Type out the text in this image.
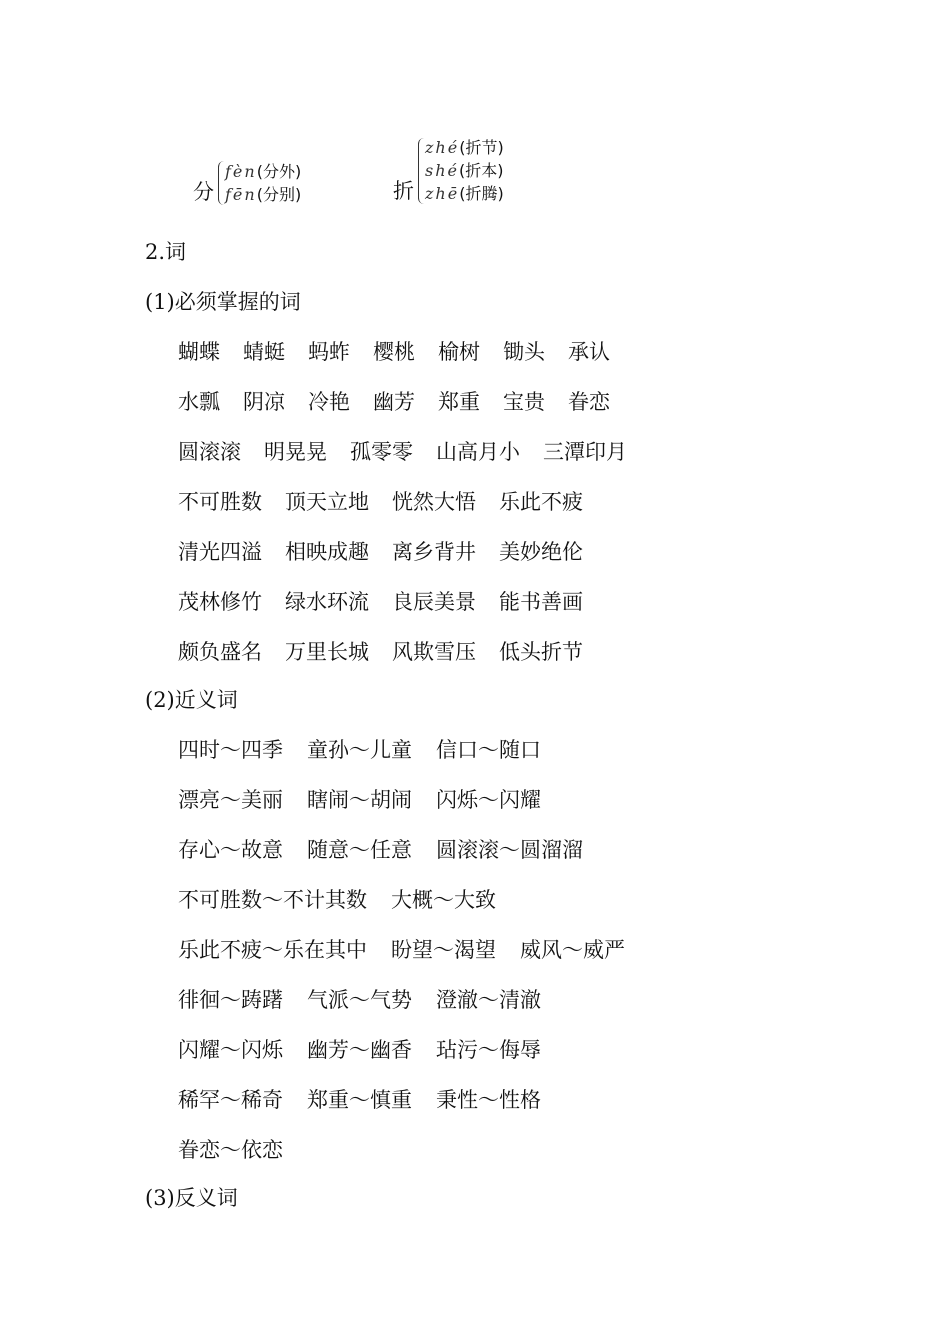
分
fèn(分外)
fēn(分别)	折
zhé(折节)
shé(折本)
zhē(折腾)
2.词
(1)必须掌握的词
蝴蝶 蜻蜓 蚂蚱 樱桃 榆树 锄头 承认
水瓢 阴凉 冷艳 幽芳 郑重 宝贵 眷恋
圆滚滚 明晃晃 孤零零 山高月小 三潭印月
不可胜数 顶天立地 恍然大悟 乐此不疲
清光四溢 相映成趣 离乡背井 美妙绝伦
茂林修竹 绿水环流 良辰美景 能书善画
颇负盛名 万里长城 风欺雪压 低头折节
(2)近义词
四时～四季 童孙～儿童 信口～随口
漂亮～美丽 瞎闹～胡闹 闪烁～闪耀
存心～故意 随意～任意 圆滚滚～圆溜溜
不可胜数～不计其数 大概～大致
乐此不疲～乐在其中 盼望～渴望 威风～威严
徘徊～踌躇 气派～气势 澄澈～清澈
闪耀～闪烁 幽芳～幽香 玷污～侮辱
稀罕～稀奇 郑重～慎重 秉性～性格
眷恋～依恋
(3)反义词
